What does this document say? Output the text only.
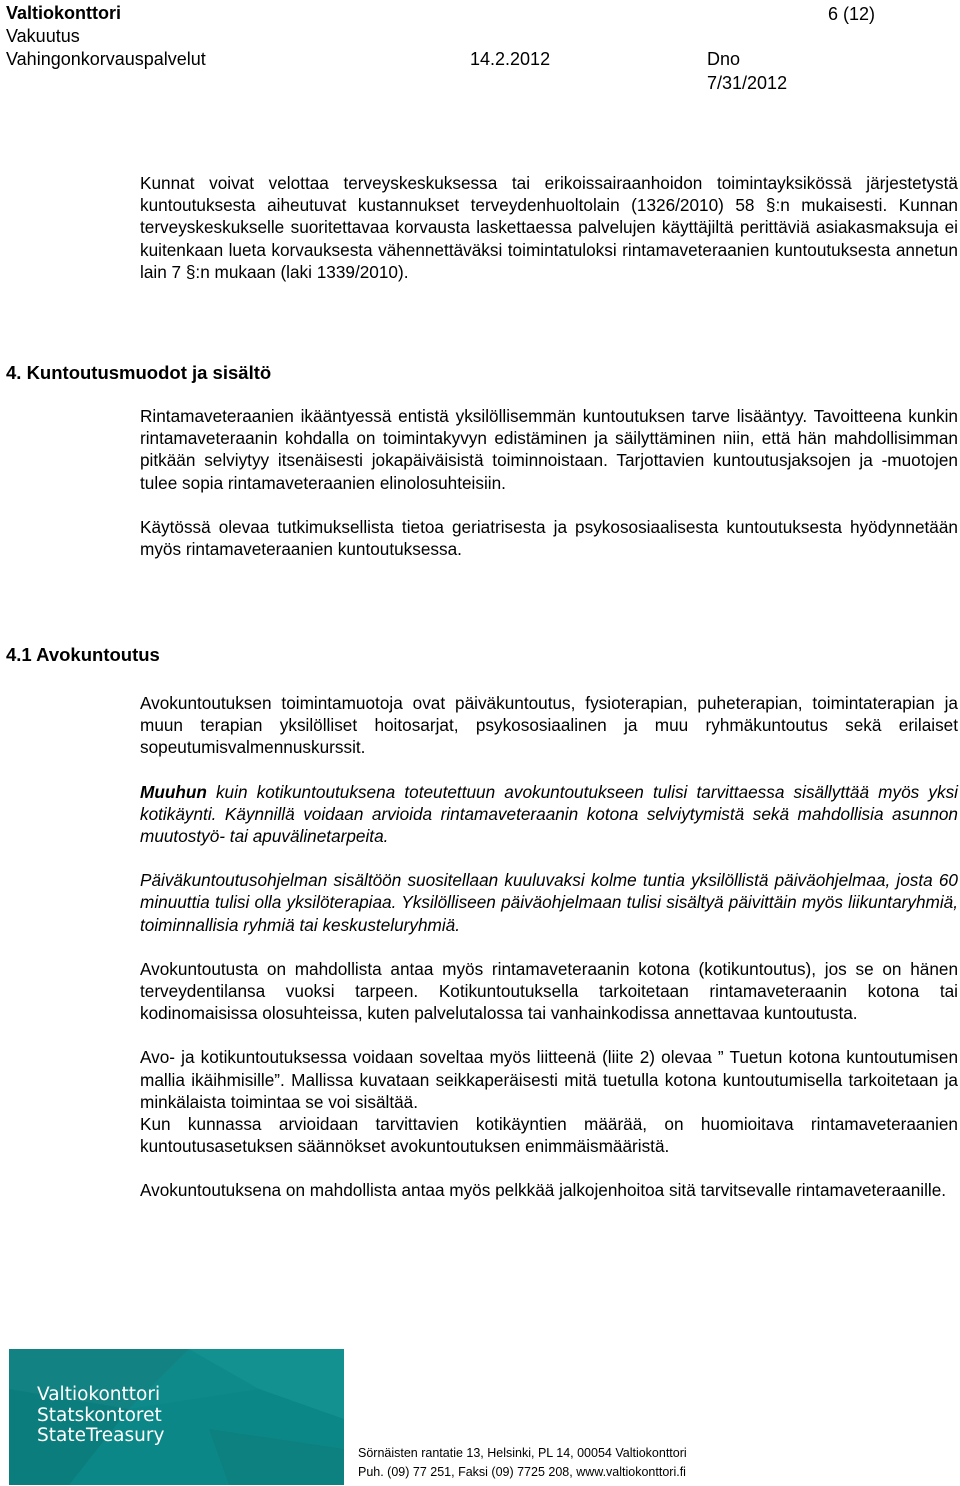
Valtiokonttori	6 (12)
Vakuutus
Vahingonkorvauspalvelut	14.2.2012	Dno
7/31/2012

Kunnat voivat velottaa terveyskeskuksessa tai erikoissairaanhoidon toimintayksikössä järjestetystä kuntoutuksesta aiheutuvat kustannukset terveydenhuoltolain (1326/2010) 58 §:n mukaisesti. Kunnan terveyskeskukselle suoritettavaa korvausta laskettaessa palvelujen käyttäjiltä perittäviä asiakasmaksuja ei kuitenkaan lueta korvauksesta vähennettäväksi toimintatuloksi rintamaveteraanien kuntoutuksesta annetun lain 7 §:n mukaan (laki 1339/2010).

4. Kuntoutusmuodot ja sisältö

Rintamaveteraanien ikääntyessä entistä yksilöllisemmän kuntoutuksen tarve lisääntyy. Tavoitteena kunkin rintamaveteraanin kohdalla on toimintakyvyn edistäminen ja säilyttäminen niin, että hän mahdollisimman pitkään selviytyy itsenäisesti jokapäiväisistä toiminnoistaan. Tarjottavien kuntoutusjaksojen ja -muotojen tulee sopia rintamaveteraanien elinolosuhteisiin.

Käytössä olevaa tutkimuksellista tietoa geriatrisesta ja psykososiaalisesta kuntoutuksesta hyödynnetään myös rintamaveteraanien kuntoutuksessa.

4.1 Avokuntoutus

Avokuntoutuksen toimintamuotoja ovat päiväkuntoutus, fysioterapian, puheterapian, toimintaterapian ja muun terapian yksilölliset hoitosarjat, psykososiaalinen ja muu ryhmäkuntoutus sekä erilaiset sopeutumisvalmennuskurssit.

Muuhun kuin kotikuntoutuksena toteutettuun avokuntoutukseen tulisi tarvittaessa sisällyttää myös yksi kotikäynti. Käynnillä voidaan arvioida rintamaveteraanin kotona selviytymistä sekä mahdollisia asunnon muutostyö- tai apuvälinetarpeita.

Päiväkuntoutusohjelman sisältöön suositellaan kuuluvaksi kolme tuntia yksilöllistä päiväohjelmaa, josta 60 minuuttia tulisi olla yksilöterapiaa. Yksilölliseen päiväohjelmaan tulisi sisältyä päivittäin myös liikuntaryhmiä, toiminnallisia ryhmiä tai keskusteluryhmiä.

Avokuntoutusta on mahdollista antaa myös rintamaveteraanin kotona (kotikuntoutus), jos se on hänen terveydentilansa vuoksi tarpeen. Kotikuntoutuksella tarkoitetaan rintamaveteraanin kotona tai kodinomaisissa olosuhteissa, kuten palvelutalossa tai vanhainkodissa annettavaa kuntoutusta.

Avo- ja kotikuntoutuksessa voidaan soveltaa myös liitteenä (liite 2) olevaa ” Tuetun kotona kuntoutumisen mallia ikäihmisille”. Mallissa kuvataan seikkaperäisesti mitä tuetulla kotona kuntoutumisella tarkoitetaan ja minkälaista toimintaa se voi sisältää.

Kun kunnassa arvioidaan tarvittavien kotikäyntien määrää, on huomioitava rintamaveteraanien kuntoutusasetuksen säännökset avokuntoutuksen enimmäismääristä.

Avokuntoutuksena on mahdollista antaa myös pelkkää jalkojenhoitoa sitä tarvitsevalle rintamaveteraanille.

Valtiokonttori
Statskontoret
StateTreasury
Sörnäisten rantatie 13, Helsinki, PL 14, 00054 Valtiokonttori
Puh. (09) 77 251, Faksi (09) 7725 208, www.valtiokonttori.fi
